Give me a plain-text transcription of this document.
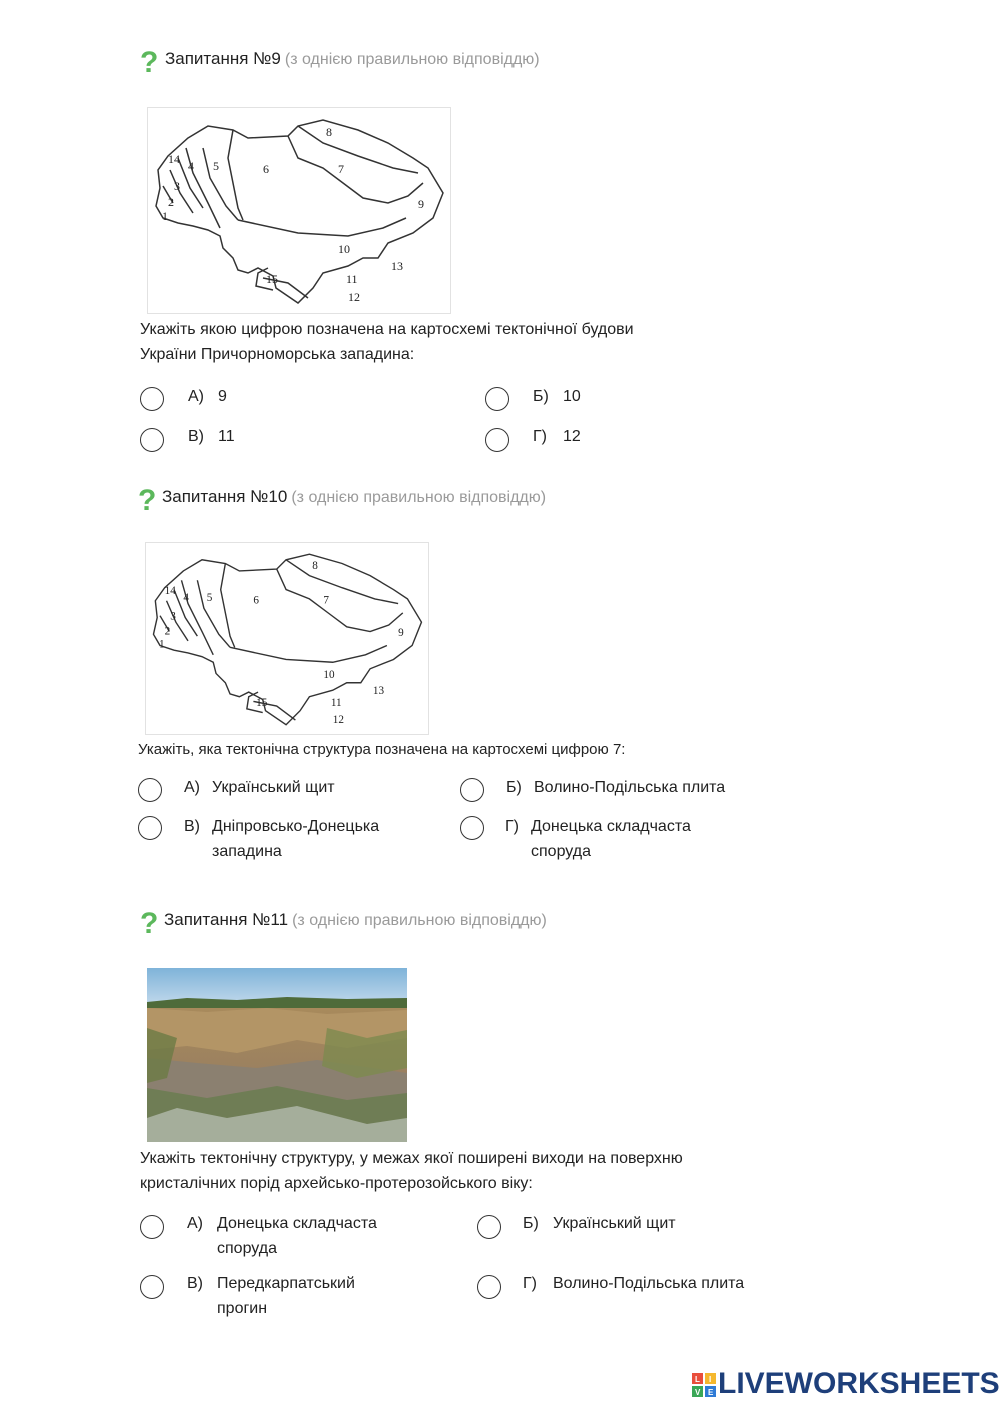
? Запитання №9 (з однією правильною відповіддю)
1
2
3
4 5	6	7
8
9
10
11
12
13
14
15
Укажіть якою цифрою позначена на картосхемі тектонічної будови
України Причорноморська западина:
А) 9	Б) 10
В) 11	Г) 12
? Запитання №10 (з однією правильною відповіддю)
1
2
3
4 5	6	7
8
9
10
11
12
13
14
15
Укажіть, яка тектонічна структура позначена на картосхемі цифрою 7:
А) Український щит	Б) Волино-Подільська плита
В) Дніпровсько-Донецька
западина
Г) Донецька складчаста
споруда
? Запитання №11 (з однією правильною відповіддю)
Укажіть тектонічну структуру, у межах якої поширені виходи на поверхню
кристалічних порід архейсько-протерозойського віку:
А) Донецька складчаста
споруда
Б) Український щит
В) Передкарпатський
прогин
Г) Волино-Подільська плита
L I
V E LIVEWORKSHEETS
